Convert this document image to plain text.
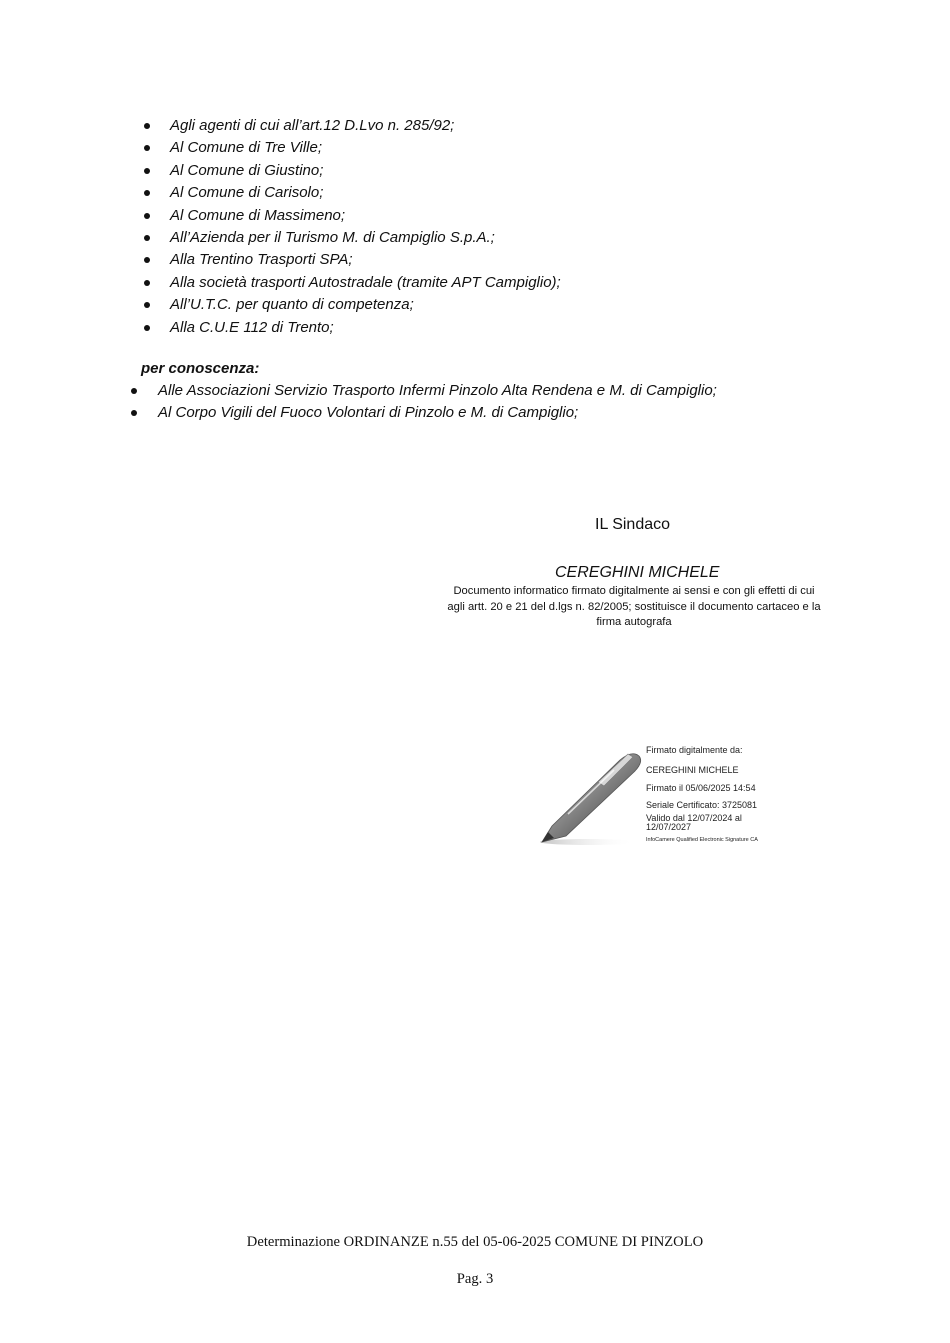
Agli agenti di cui all’art.12 D.Lvo n. 285/92;
Al Comune di Tre Ville;
Al Comune di Giustino;
Al Comune di Carisolo;
Al Comune di Massimeno;
All’Azienda per il Turismo M. di Campiglio S.p.A.;
Alla Trentino Trasporti SPA;
Alla società trasporti Autostradale (tramite APT Campiglio);
All’U.T.C. per quanto di competenza;
Alla C.U.E 112 di Trento;
per conoscenza:
Alle Associazioni Servizio Trasporto Infermi Pinzolo Alta Rendena e M. di Campiglio;
Al Corpo Vigili del Fuoco Volontari di Pinzolo e M. di Campiglio;
IL Sindaco
CEREGHINI MICHELE
Documento informatico firmato digitalmente ai sensi e con gli effetti di cui
agli artt. 20 e 21 del d.lgs n. 82/2005; sostituisce il documento cartaceo e la
firma autografa
Firmato digitalmente da:
CEREGHINI MICHELE
Firmato il 05/06/2025 14:54
Seriale Certificato: 3725081
Valido dal 12/07/2024 al
12/07/2027
InfoCamere Qualified Electronic Signature CA
Determinazione ORDINANZE n.55 del 05-06-2025 COMUNE DI PINZOLO
Pag. 3
